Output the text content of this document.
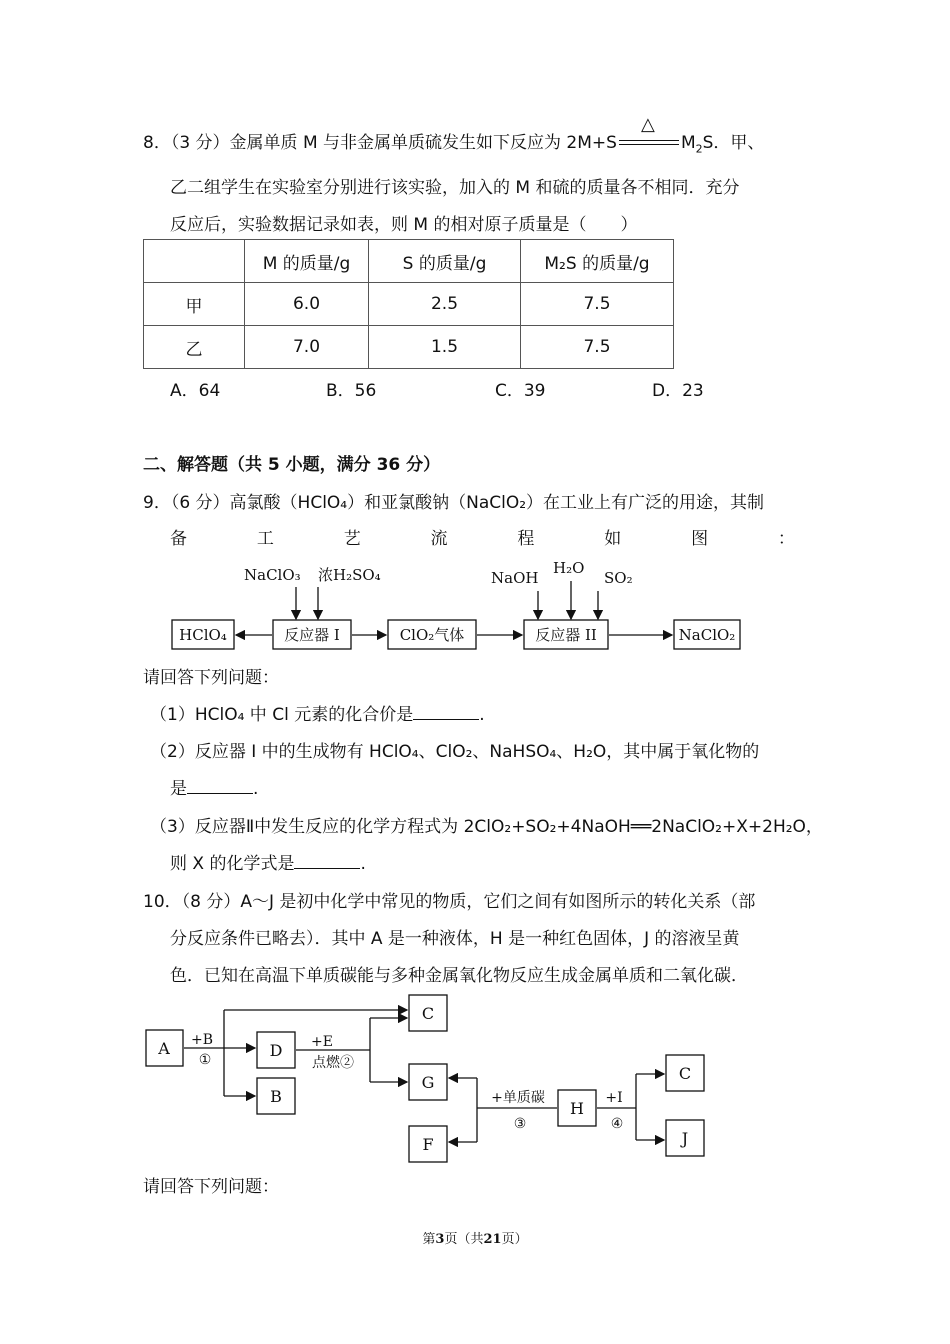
8．（3 分）金属单质 M 与非金属单质硫发生如下反应为 2M+S
△
$M_2S$．甲、
乙二组学生在实验室分别进行该实验，加入的 M 和硫的质量各不相同．充分
反应后，实验数据记录如表，则 M 的相对原子质量是（　　）
	M 的质量/g	S 的质量/g	M₂S 的质量/g
甲	6.0	2.5	7.5
乙	7.0	1.5	7.5
A．64	B．56	C．39	D．23
二、解答题（共 5 小题，满分 36 分）
9．（6 分）高氯酸（HClO₄）和亚氯酸钠（NaClO₂）在工业上有广泛的用途，其制
备	工	艺	流	程	如	图	：
NaClO₃ 浓H₂SO₄	NaOH
H₂O
SO₂
HClO₄	反应器 I	ClO₂气体	反应器 II	NaClO₂
请回答下列问题：
（1）HClO₄ 中 Cl 元素的化合价是	.
（2）反应器 I 中的生成物有 HClO₄、ClO₂、NaHSO₄、H₂O，其中属于氧化物的
是	.
（3）反应器Ⅱ中发生反应的化学方程式为 2ClO₂+SO₂+4NaOH══2NaClO₂+X+2H₂O，
则 X 的化学式是	.
10．（8 分）A～J 是初中化学中常见的物质，它们之间有如图所示的转化关系（部
分反应条件已略去）．其中 A 是一种液体，H 是一种红色固体，J 的溶液呈黄
色．已知在高温下单质碳能与多种金属氧化物反应生成金属单质和二氧化碳．
A	D
B
C
G
F
H
C
J
+B
①
+E
点燃②
+单质碳
③
+I
④
请回答下列问题：
第3页（共21页）
